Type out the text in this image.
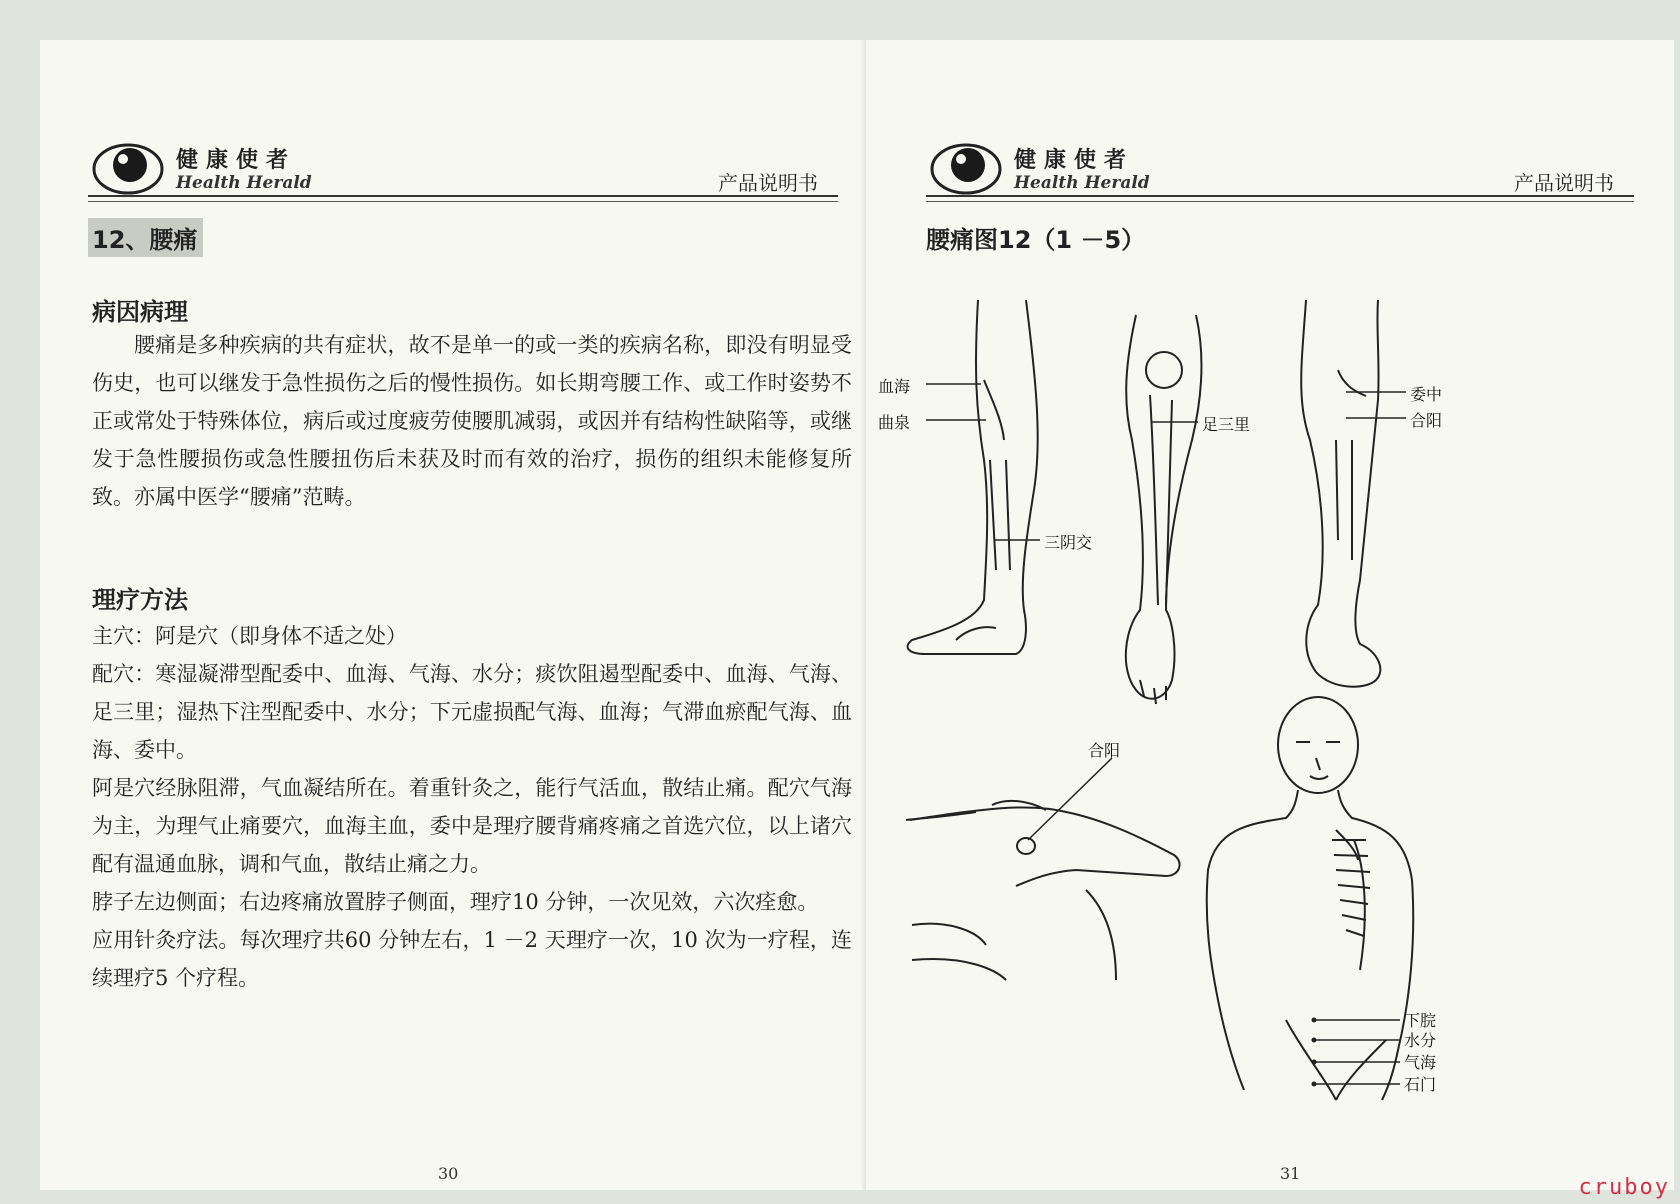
健康使者
Health Herald	产品说明书
12、腰痛
病因病理

腰痛是多种疾病的共有症状，故不是单一的或一类的疾病名称，即没有明显受伤史，也可以继发于急性损伤之后的慢性损伤。如长期弯腰工作、或工作时姿势不正或常处于特殊体位，病后或过度疲劳使腰肌减弱，或因并有结构性缺陷等，或继发于急性腰损伤或急性腰扭伤后未获及时而有效的治疗，损伤的组织未能修复所致。亦属中医学“腰痛”范畴。

理疗方法

主穴：阿是穴（即身体不适之处）

配穴：寒湿凝滞型配委中、血海、气海、水分；痰饮阻遏型配委中、血海、气海、足三里；湿热下注型配委中、水分；下元虚损配气海、血海；气滞血瘀配气海、血海、委中。

阿是穴经脉阻滞，气血凝结所在。着重针灸之，能行气活血，散结止痛。配穴气海为主，为理气止痛要穴，血海主血，委中是理疗腰背痛疼痛之首选穴位，以上诸穴配有温通血脉，调和气血，散结止痛之力。

脖子左边侧面；右边疼痛放置脖子侧面，理疗10 分钟，一次见效，六次痊愈。

应用针灸疗法。每次理疗共60 分钟左右，1 －2 天理疗一次，10 次为一疗程，连续理疗5 个疗程。

30
健康使者
Health Herald	产品说明书
腰痛图12（1 －5）
血海
曲泉
三阴交
足三里
委中
合阳
合阳
下脘
水分
气海
石门
31
cruboy
